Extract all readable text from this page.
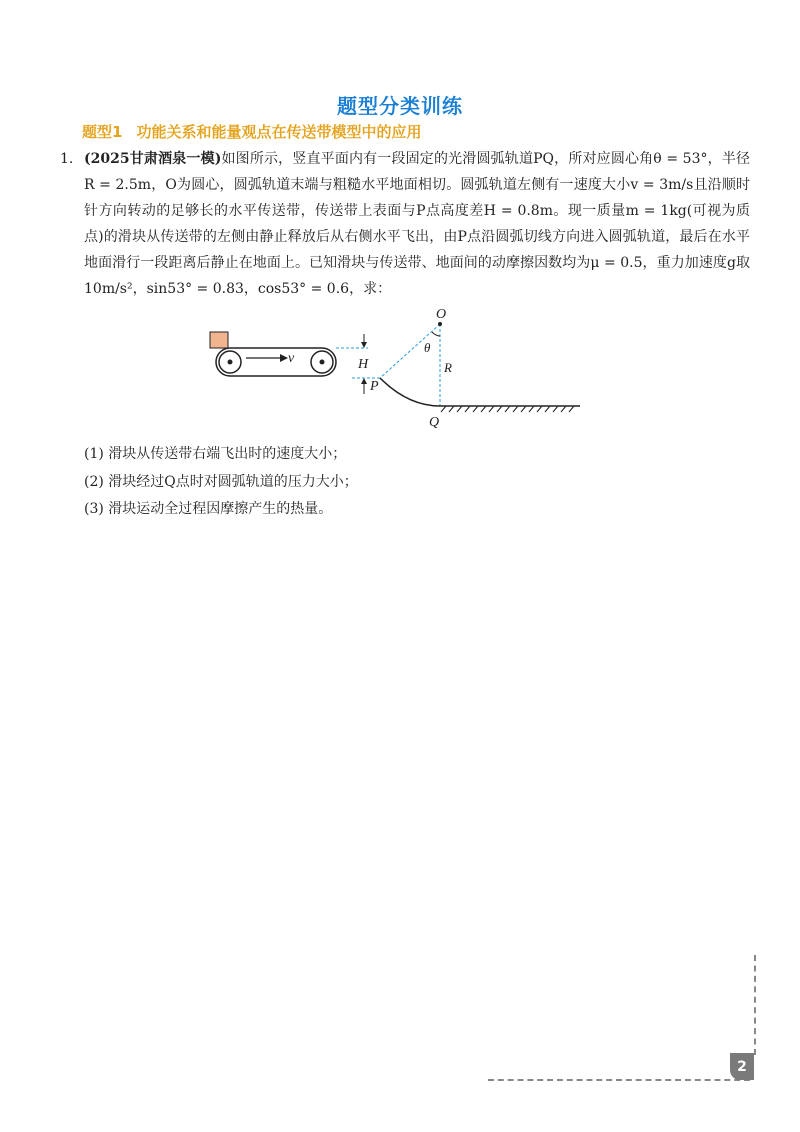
题型分类训练
题型1 功能关系和能量观点在传送带模型中的应用
1. (2025甘肃酒泉一模)如图所示，竖直平面内有一段固定的光滑圆弧轨道PQ，所对应圆心角θ = 53°，半径R = 2.5m，O为圆心，圆弧轨道末端与粗糙水平地面相切。圆弧轨道左侧有一速度大小v = 3m/s且沿顺时针方向转动的足够长的水平传送带，传送带上表面与P点高度差H = 0.8m。现一质量m = 1kg(可视为质点)的滑块从传送带的左侧由静止释放后从右侧水平飞出，由P点沿圆弧切线方向进入圆弧轨道，最后在水平地面滑行一段距离后静止在地面上。已知滑块与传送带、地面间的动摩擦因数均为μ = 0.5，重力加速度g取10m/s²，sin53° = 0.83，cos53° = 0.6，求：
v	H
O
θ
R
P
Q
(1) 滑块从传送带右端飞出时的速度大小；
(2) 滑块经过Q点时对圆弧轨道的压力大小；
(3) 滑块运动全过程因摩擦产生的热量。
2
